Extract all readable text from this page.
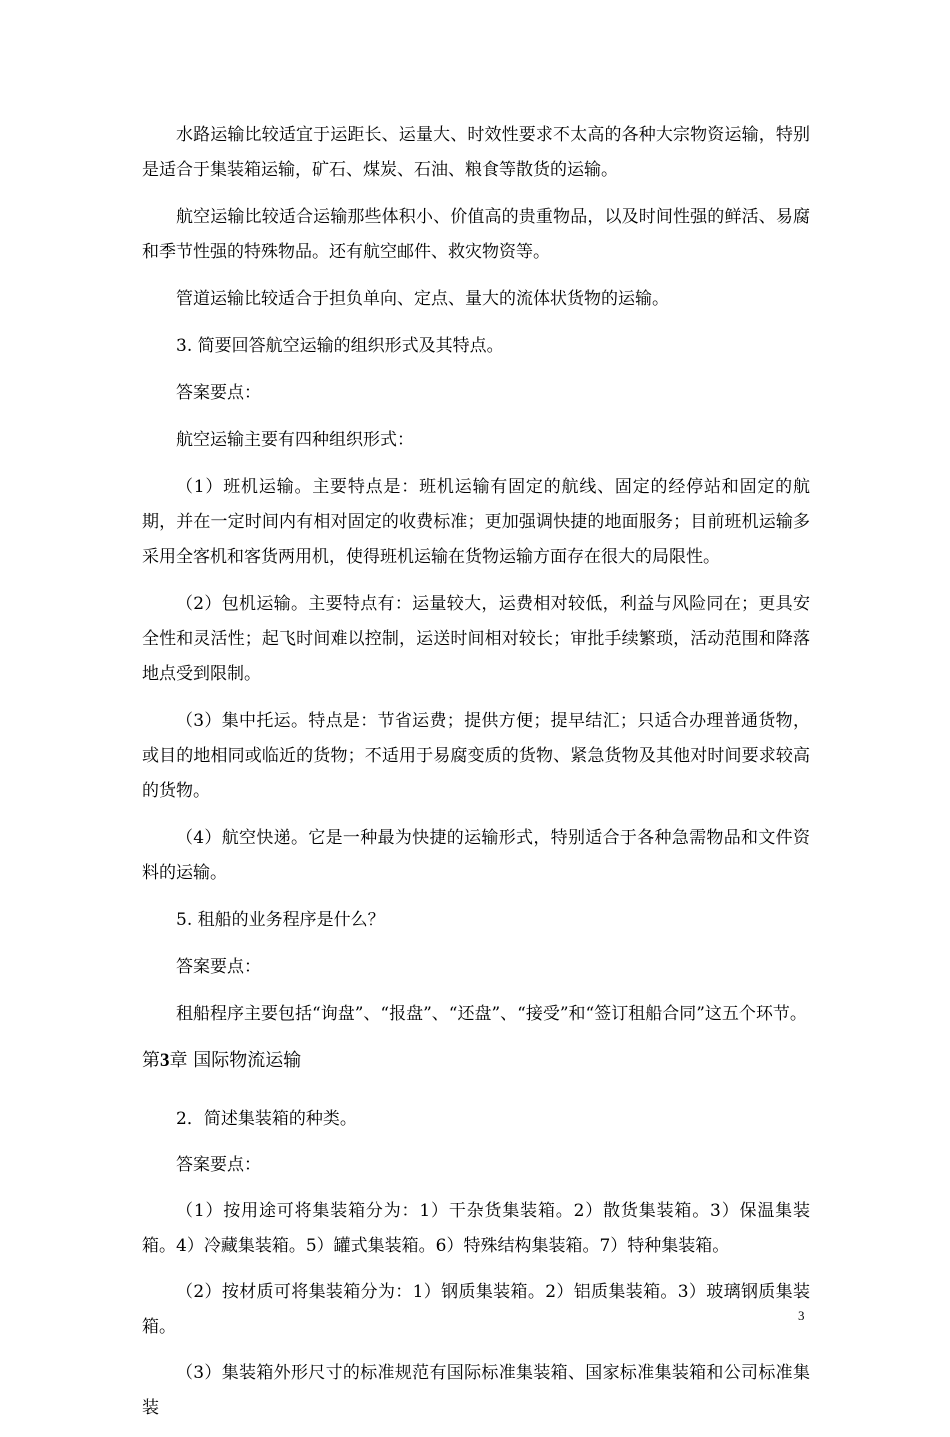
水路运输比较适宜于运距长、运量大、时效性要求不太高的各种大宗物资运输，特别是适合于集装箱运输，矿石、煤炭、石油、粮食等散货的运输。

航空运输比较适合运输那些体积小、价值高的贵重物品，以及时间性强的鲜活、易腐和季节性强的特殊物品。还有航空邮件、救灾物资等。

管道运输比较适合于担负单向、定点、量大的流体状货物的运输。

3. 简要回答航空运输的组织形式及其特点。

答案要点：

航空运输主要有四种组织形式：

（1）班机运输。主要特点是：班机运输有固定的航线、固定的经停站和固定的航期，并在一定时间内有相对固定的收费标准；更加强调快捷的地面服务；目前班机运输多采用全客机和客货两用机，使得班机运输在货物运输方面存在很大的局限性。

（2）包机运输。主要特点有：运量较大，运费相对较低，利益与风险同在；更具安全性和灵活性；起飞时间难以控制，运送时间相对较长；审批手续繁琐，活动范围和降落地点受到限制。

（3）集中托运。特点是：节省运费；提供方便；提早结汇；只适合办理普通货物，或目的地相同或临近的货物；不适用于易腐变质的货物、紧急货物及其他对时间要求较高的货物。

（4）航空快递。它是一种最为快捷的运输形式，特别适合于各种急需物品和文件资料的运输。

5. 租船的业务程序是什么？

答案要点：

租船程序主要包括“询盘”、“报盘”、“还盘”、“接受”和“签订租船合同”这五个环节。

第3章 国际物流运输

2．简述集装箱的种类。

答案要点：

（1）按用途可将集装箱分为：1）干杂货集装箱。2）散货集装箱。3）保温集装箱。4）冷藏集装箱。5）罐式集装箱。6）特殊结构集装箱。7）特种集装箱。

（2）按材质可将集装箱分为：1）钢质集装箱。2）铝质集装箱。3）玻璃钢质集装箱。

（3）集装箱外形尺寸的标准规范有国际标准集装箱、国家标准集装箱和公司标准集装

3
